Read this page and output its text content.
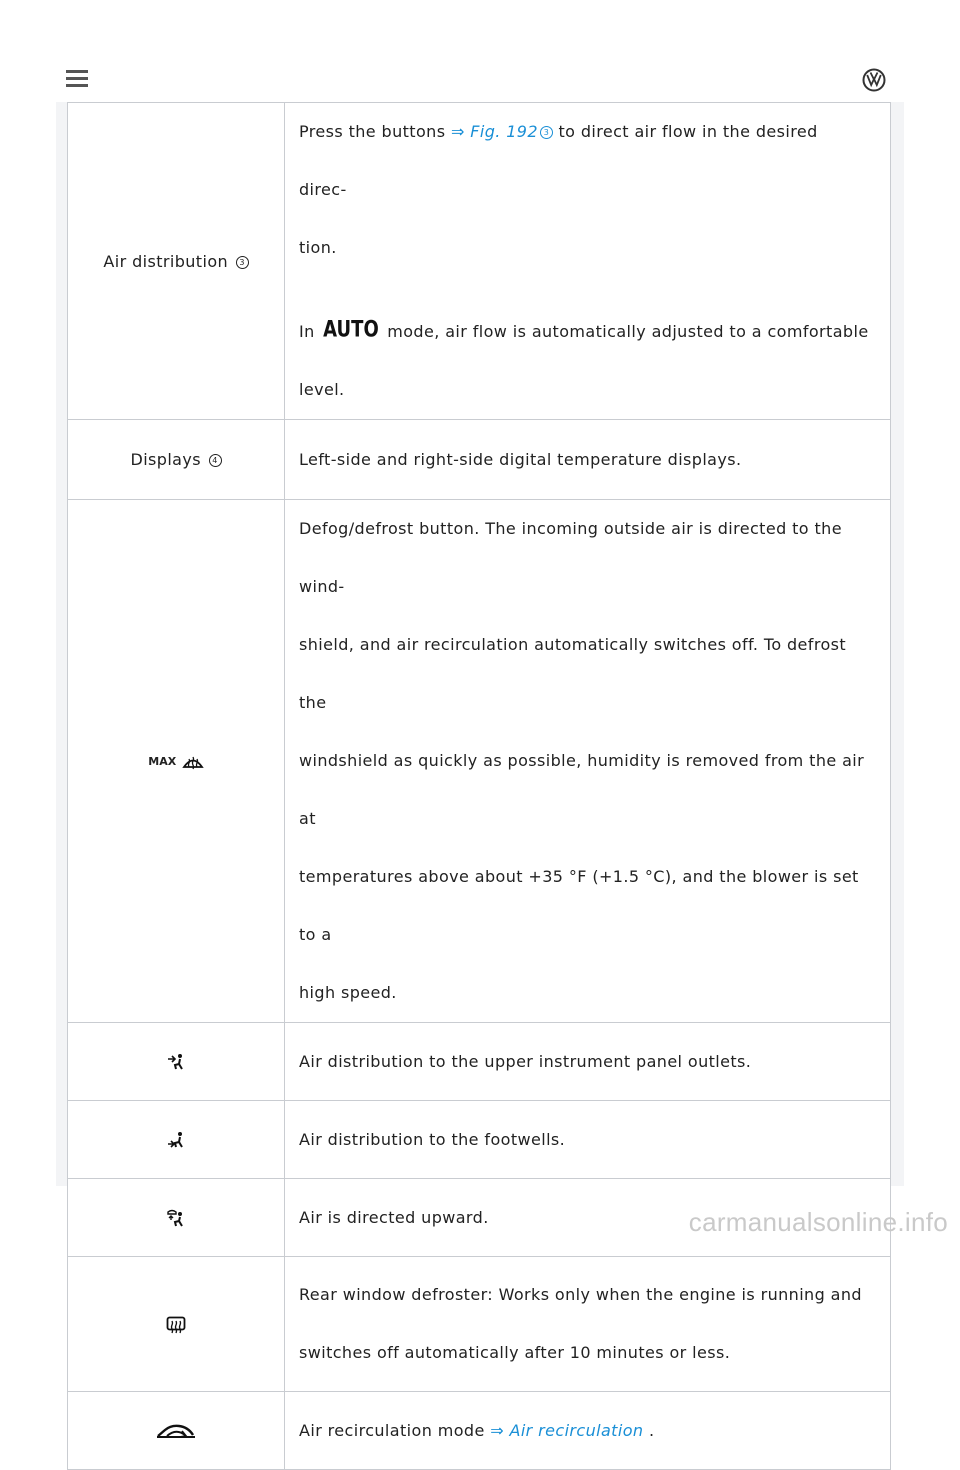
Air distribution 3	Press the buttons ⇒ Fig. 192 3 to direct air flow in the desired direc-

tion.

In AUTO mode, air flow is automatically adjusted to a comfortable level.

Displays 4	Left-side and right-side digital temperature displays.

MAX	Defog/defrost button. The incoming outside air is directed to the wind-

shield, and air recirculation automatically switches off. To defrost the

windshield as quickly as possible, humidity is removed from the air at

temperatures above about +35 °F (+1.5 °C), and the blower is set to a

high speed.

Air distribution to the upper instrument panel outlets.

Air distribution to the footwells.

Air is directed upward.

Rear window defroster: Works only when the engine is running and

switches off automatically after 10 minutes or less.

Air recirculation mode ⇒ Air recirculation .

carmanualsonline.info
